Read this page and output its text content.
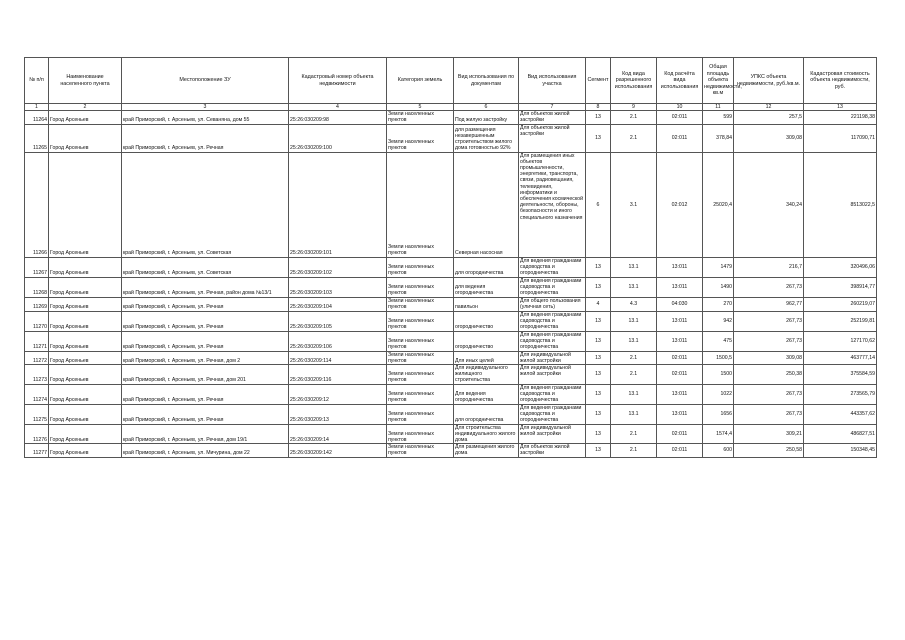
№ п/п	Наименование населенного пункта	Местоположение ЗУ	Кадастровый номер объекта недвижимости	Категория земель	Вид использования по документам	Вид использования участка	Сегмент	Код вида разрешенного использования	Код расчёта вида использования	Общая площадь объекта недвижимости, кв.м	УПКС объекта недвижимости, руб./кв.м.	Кадастровая стоимость объекта недвижимости, руб.
1	2	3	4	5	6	7	8	9	10	11	12	13
11264	Город Арсеньев	край Приморский, г. Арсеньев, ул. Севаняна, дом 55	25:26:030209:98	Земли населенных пунктов	Под жилую застройку	Для объектов жилой застройки	13	2.1	02:011	599	257,5	221198,38
11265	Город Арсеньев	край Приморский, г. Арсеньев, ул. Речная	25:26:030209:100	Земли населенных пунктов	для размещения незавершенным строительством жилого дома готовностью 92%	Для объектов жилой застройки	13	2.1	02:011	378,84	309,08	117090,71
11266	Город Арсеньев	край Приморский, г. Арсеньев, ул. Советская	25:26:030209:101	Земли населенных пунктов	Северная насосная	Для размещения иных объектов промышленности, энергетики, транспорта, связи, радиовещания, телевидения, информатики и обеспечения космической деятельности, обороны, безопасности и иного специального назначения	6	3.1	02:012	25020,4	340,24	8513022,5
11267	Город Арсеньев	край Приморский, г. Арсеньев, ул. Советская	25:26:030209:102	Земли населенных пунктов	для огородничества	Для ведения гражданами садоводства и огородничества	13	13.1	13:011	1479	216,7	320496,06
11268	Город Арсеньев	край Приморский, г. Арсеньев, ул. Речная, район дома №13/1	25:26:030209:103	Земли населенных пунктов	для ведения огородничества	Для ведения гражданами садоводства и огородничества	13	13.1	13:011	1490	267,73	398914,77
11269	Город Арсеньев	край Приморский, г. Арсеньев, ул. Речная	25:26:030209:104	Земли населенных пунктов	павильон	Для общего пользования (уличная сеть)	4	4.3	04:030	270	962,77	260219,07
11270	Город Арсеньев	край Приморский, г. Арсеньев, ул. Речная	25:26:030209:105	Земли населенных пунктов	огородничество	Для ведения гражданами садоводства и огородничества	13	13.1	13:011	942	267,73	252199,81
11271	Город Арсеньев	край Приморский, г. Арсеньев, ул. Речная	25:26:030209:106	Земли населенных пунктов	огородничество	Для ведения гражданами садоводства и огородничества	13	13.1	13:011	475	267,73	127170,62
11272	Город Арсеньев	край Приморский, г. Арсеньев, ул. Речная, дом 2	25:26:030209:114	Земли населенных пунктов	Для иных целей	Для индивидуальной жилой застройки	13	2.1	02:011	1500,5	309,08	463777,14
11273	Город Арсеньев	край Приморский, г. Арсеньев, ул. Речная, дом 201	25:26:030209:116	Земли населенных пунктов	Для индивидуального жилищного строительства	Для индивидуальной жилой застройки	13	2.1	02:011	1500	250,38	375584,59
11274	Город Арсеньев	край Приморский, г. Арсеньев, ул. Речная	25:26:030209:12	Земли населенных пунктов	Для ведения огородничества	Для ведения гражданами садоводства и огородничества	13	13.1	13:011	1022	267,73	273565,79
11275	Город Арсеньев	край Приморский, г. Арсеньев, ул. Речная	25:26:030209:13	Земли населенных пунктов	для огородничества	Для ведения гражданами садоводства и огородничества	13	13.1	13:011	1656	267,73	443357,62
11276	Город Арсеньев	край Приморский, г. Арсеньев, ул. Речная, дом 19/1	25:26:030209:14	Земли населенных пунктов	Для строительства индивидуального жилого дома	Для индивидуальной жилой застройки	13	2.1	02:011	1574,4	309,21	486827,51
11277	Город Арсеньев	край Приморский, г. Арсеньев, ул. Мичурина, дом 22	25:26:030209:142	Земли населенных пунктов	Для размещения жилого дома	Для объектов жилой застройки	13	2.1	02:011	600	250,58	150348,45
